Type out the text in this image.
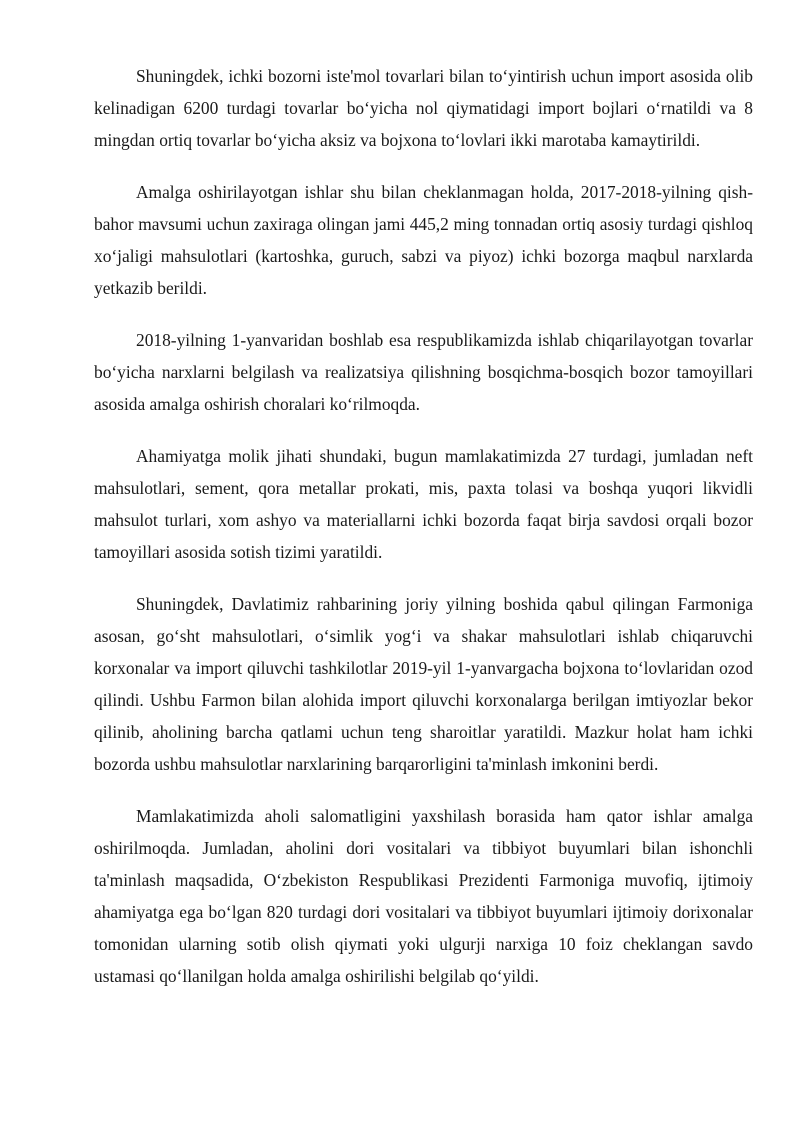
Shuningdek, ichki bozorni iste'mol tovarlari bilan to‘yintirish uchun import asosida olib kelinadigan 6200 turdagi tovarlar bo‘yicha nol qiymatidagi import bojlari o‘rnatildi va 8 mingdan ortiq tovarlar bo‘yicha aksiz va bojxona to‘lovlari ikki marotaba kamaytirildi.

Amalga oshirilayotgan ishlar shu bilan cheklanmagan holda, 2017-2018-yilning qish-bahor mavsumi uchun zaxiraga olingan jami 445,2 ming tonnadan ortiq asosiy turdagi qishloq xo‘jaligi mahsulotlari (kartoshka, guruch, sabzi va piyoz) ichki bozorga maqbul narxlarda yetkazib berildi.

2018-yilning 1-yanvaridan boshlab esa respublikamizda ishlab chiqarilayotgan tovarlar bo‘yicha narxlarni belgilash va realizatsiya qilishning bosqichma-bosqich bozor tamoyillari asosida amalga oshirish choralari ko‘rilmoqda.

Ahamiyatga molik jihati shundaki, bugun mamlakatimizda 27 turdagi, jumladan neft mahsulotlari, sement, qora metallar prokati, mis, paxta tolasi va boshqa yuqori likvidli mahsulot turlari, xom ashyo va materiallarni ichki bozorda faqat birja savdosi orqali bozor tamoyillari asosida sotish tizimi yaratildi.

Shuningdek, Davlatimiz rahbarining joriy yilning boshida qabul qilingan Farmoniga asosan, go‘sht mahsulotlari, o‘simlik yog‘i va shakar mahsulotlari ishlab chiqaruvchi korxonalar va import qiluvchi tashkilotlar 2019-yil 1-yanvargacha bojxona to‘lovlaridan ozod qilindi. Ushbu Farmon bilan alohida import qiluvchi korxonalarga berilgan imtiyozlar bekor qilinib, aholining barcha qatlami uchun teng sharoitlar yaratildi. Mazkur holat ham ichki bozorda ushbu mahsulotlar narxlarining barqarorligini ta'minlash imkonini berdi.

Mamlakatimizda aholi salomatligini yaxshilash borasida ham qator ishlar amalga oshirilmoqda. Jumladan, aholini dori vositalari va tibbiyot buyumlari bilan ishonchli ta'minlash maqsadida, O‘zbekiston Respublikasi Prezidenti Farmoniga muvofiq, ijtimoiy ahamiyatga ega bo‘lgan 820 turdagi dori vositalari va tibbiyot buyumlari ijtimoiy dorixonalar tomonidan ularning sotib olish qiymati yoki ulgurji narxiga 10 foiz cheklangan savdo ustamasi qo‘llanilgan holda amalga oshirilishi belgilab qo‘yildi.
